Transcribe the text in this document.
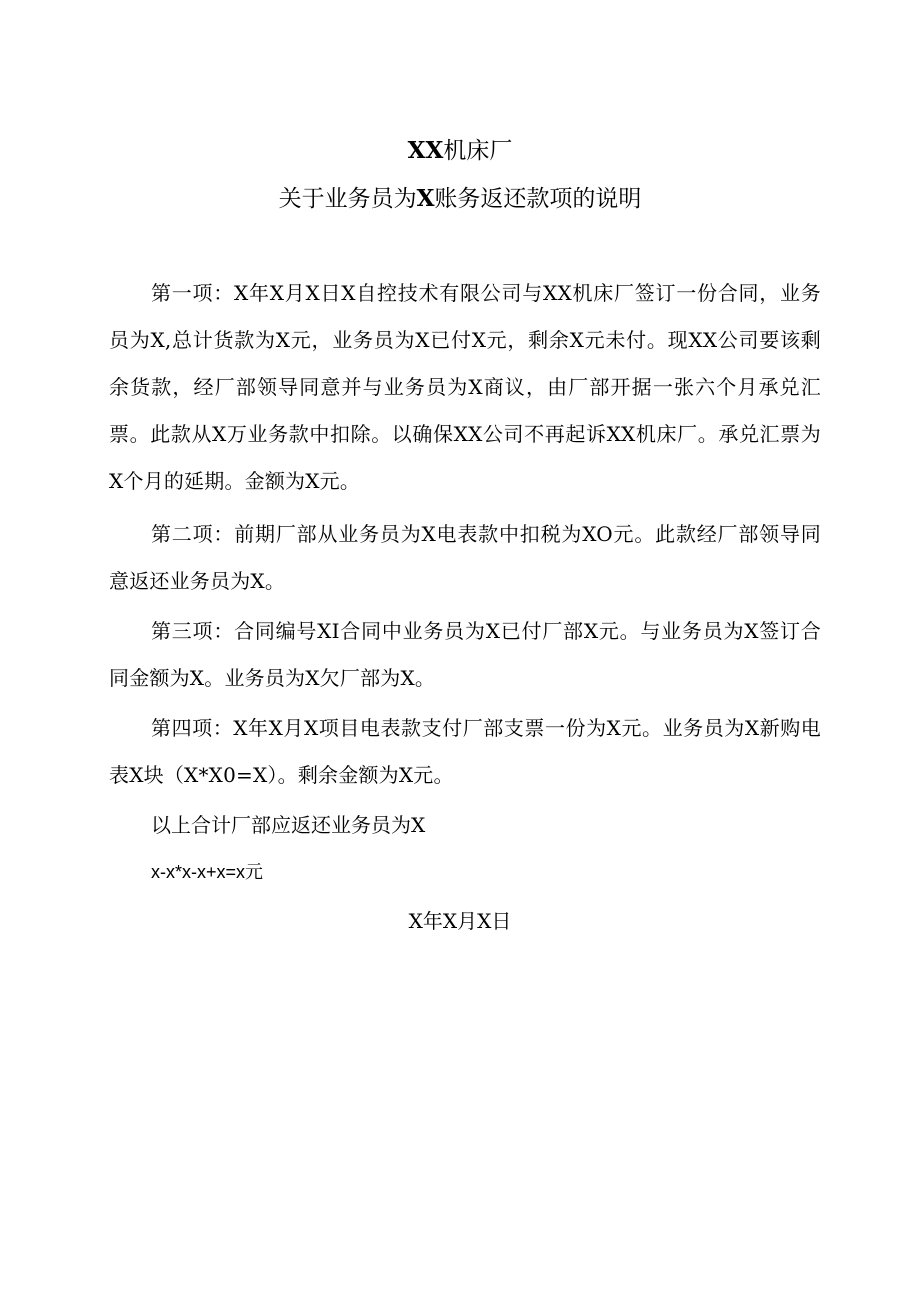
XX机床厂
关于业务员为X账务返还款项的说明

第一项：X年X月X日X自控技术有限公司与XX机床厂签订一份合同，业务员为X,总计货款为X元，业务员为X已付X元，剩余X元未付。现XX公司要该剩余货款，经厂部领导同意并与业务员为X商议，由厂部开据一张六个月承兑汇票。此款从X万业务款中扣除。以确保XX公司不再起诉XX机床厂。承兑汇票为X个月的延期。金额为X元。

第二项：前期厂部从业务员为X电表款中扣税为XO元。此款经厂部领导同意返还业务员为X。

第三项：合同编号XI合同中业务员为X已付厂部X元。与业务员为X签订合同金额为X。业务员为X欠厂部为X。

第四项：X年X月X项目电表款支付厂部支票一份为X元。业务员为X新购电表X块（X*X0=X）。剩余金额为X元。

以上合计厂部应返还业务员为X
x-x*x-x+x=x元
X年X月X日
